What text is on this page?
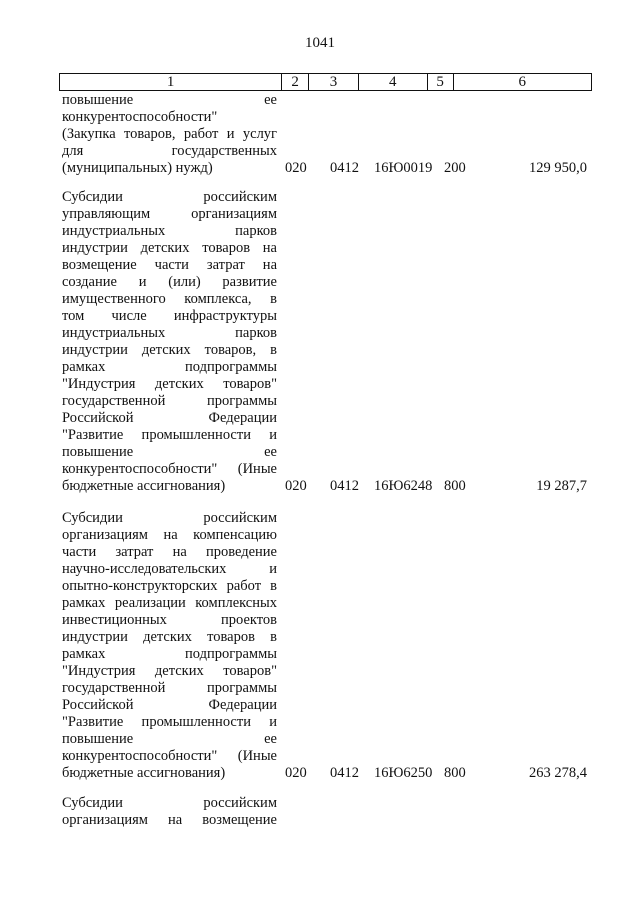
1041
1	2	3	4	5	6
повышение ее
конкурентоспособности"
(Закупка товаров, работ и услуг
для государственных
(муниципальных) нужд)	020	0412	16Ю0019 200	129 950,0
Субсидии российским
управляющим организациям
индустриальных парков
индустрии детских товаров на
возмещение части затрат на
создание и (или) развитие
имущественного комплекса, в
том числе инфраструктуры
индустриальных парков
индустрии детских товаров, в
рамках подпрограммы
"Индустрия детских товаров"
государственной программы
Российской Федерации
"Развитие промышленности и
повышение ее
конкурентоспособности" (Иные
бюджетные ассигнования)	020	0412	16Ю6248 800	19 287,7
Субсидии российским
организациям на компенсацию
части затрат на проведение
научно-исследовательских и
опытно-конструкторских работ в
рамках реализации комплексных
инвестиционных проектов
индустрии детских товаров в
рамках подпрограммы
"Индустрия детских товаров"
государственной программы
Российской Федерации
"Развитие промышленности и
повышение ее
конкурентоспособности" (Иные
бюджетные ассигнования)	020	0412	16Ю6250 800	263 278,4
Субсидии российским
организациям на возмещение
